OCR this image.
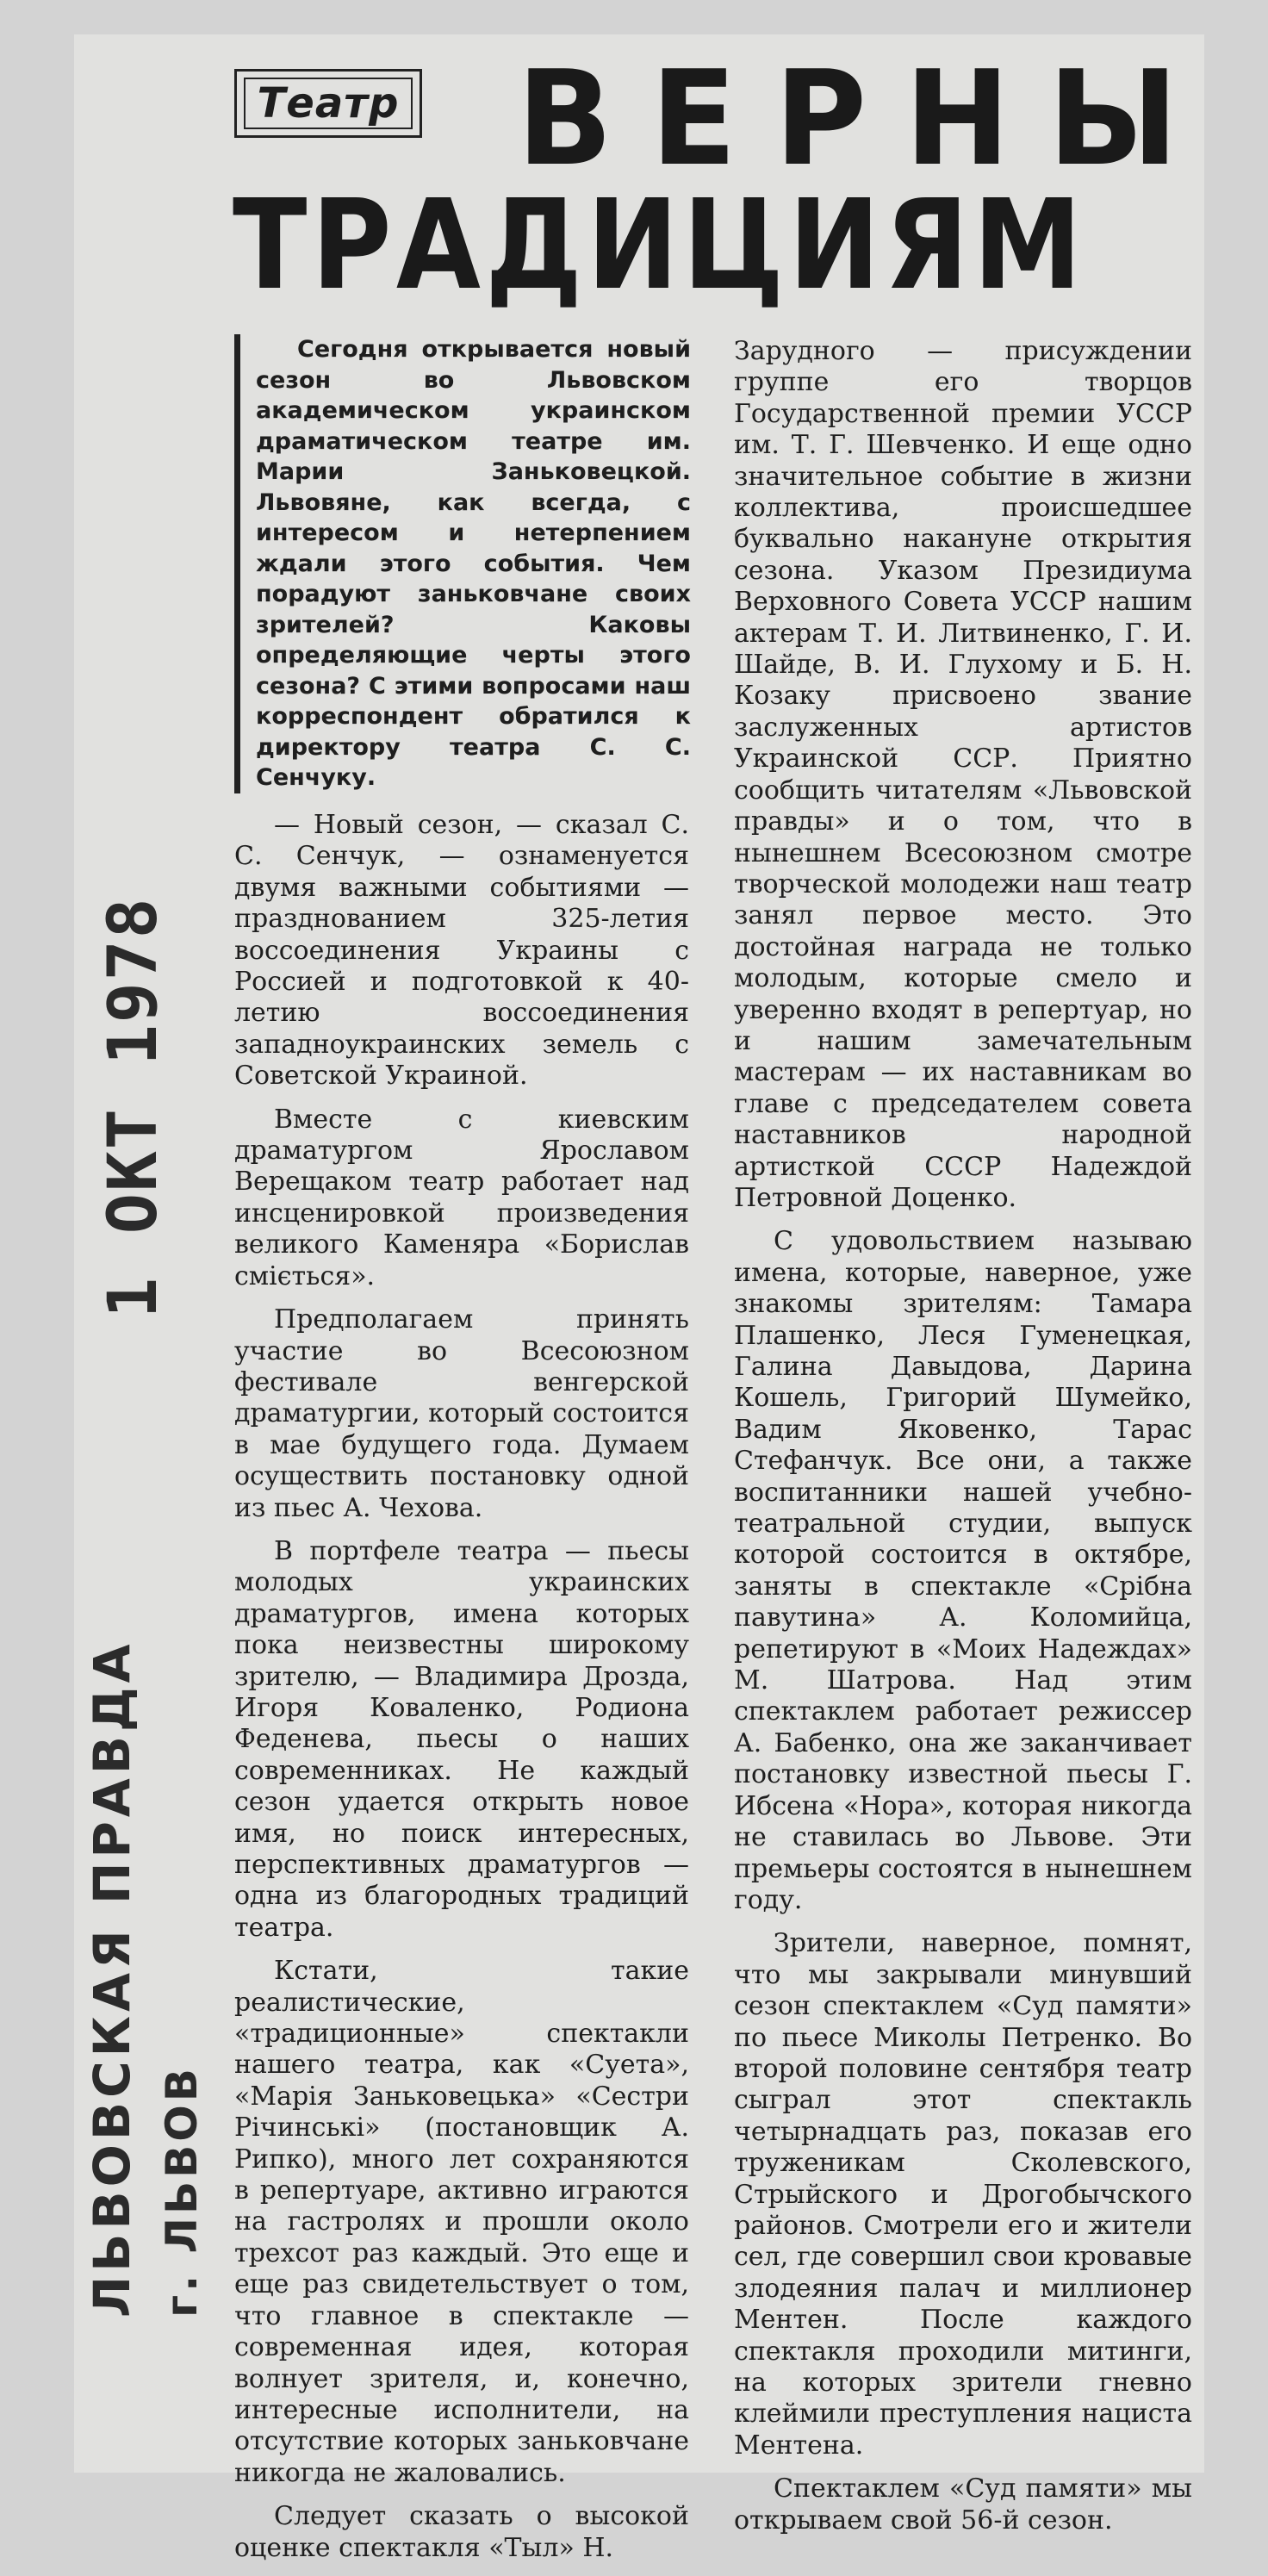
Театр ВЕРНЫ
ТРАДИЦИЯМ

Сегодня открывается новый сезон во Львовском академическом украинском драматическом театре им. Марии Заньковецкой. Львовяне, как всегда, с интересом и нетерпением ждали этого события. Чем порадуют заньковчане своих зрителей? Каковы определяющие черты этого сезона? С этими вопросами наш корреспондент обратился к директору театра С. С. Сенчуку.

— Новый сезон, — сказал С. С. Сенчук, — ознаменуется двумя важными событиями — празднованием 325-летия воссоединения Украины с Россией и подготовкой к 40-летию воссоединения западноукраинских земель с Советской Украиной.

Вместе с киевским драматургом Ярославом Верещаком театр работает над инсценировкой произведения великого Каменяра «Борислав сміється».

Предполагаем принять участие во Всесоюзном фестивале венгерской драматургии, который состоится в мае будущего года. Думаем осуществить постановку одной из пьес А. Чехова.

В портфеле театра — пьесы молодых украинских драматургов, имена которых пока неизвестны широкому зрителю, — Владимира Дрозда, Игоря Коваленко, Родиона Феденева, пьесы о наших современниках. Не каждый сезон удается открыть новое имя, но поиск интересных, перспективных драматургов — одна из благородных традиций театра.

Кстати, такие реалистические, «традиционные» спектакли нашего театра, как «Суета», «Марія Заньковецька» «Сестри Річинські» (постановщик А. Рипко), много лет сохраняются в репертуаре, активно играются на гастролях и прошли около трехсот раз каждый. Это еще и еще раз свидетельствует о том, что главное в спектакле — современная идея, которая волнует зрителя, и, конечно, интересные исполнители, на отсутствие которых заньковчане никогда не жаловались.

Следует сказать о высокой оценке спектакля «Тыл» Н.

Зарудного — присуждении группе его творцов Государственной премии УССР им. Т. Г. Шевченко. И еще одно значительное событие в жизни коллектива, происшедшее буквально накануне открытия сезона. Указом Президиума Верховного Совета УССР нашим актерам Т. И. Литвиненко, Г. И. Шайде, В. И. Глухому и Б. Н. Козаку присвоено звание заслуженных артистов Украинской ССР. Приятно сообщить читателям «Львовской правды» и о том, что в нынешнем Всесоюзном смотре творческой молодежи наш театр занял первое место. Это достойная награда не только молодым, которые смело и уверенно входят в репертуар, но и нашим замечательным мастерам — их наставникам во главе с председателем совета наставников народной артисткой СССР Надеждой Петровной Доценко.

С удовольствием называю имена, которые, наверное, уже знакомы зрителям: Тамара Плашенко, Леся Гуменецкая, Галина Давыдова, Дарина Кошель, Григорий Шумейко, Вадим Яковенко, Тарас Стефанчук. Все они, а также воспитанники нашей учебно-театральной студии, выпуск которой состоится в октябре, заняты в спектакле «Срібна павутина» А. Коломийца, репетируют в «Моих Надеждах» М. Шатрова. Над этим спектаклем работает режиссер А. Бабенко, она же заканчивает постановку известной пьесы Г. Ибсена «Нора», которая никогда не ставилась во Львове. Эти премьеры состоятся в нынешнем году.

Зрители, наверное, помнят, что мы закрывали минувший сезон спектаклем «Суд памяти» по пьесе Миколы Петренко. Во второй половине сентября театр сыграл этот спектакль четырнадцать раз, показав его труженикам Сколевского, Стрыйского и Дрогобычского районов. Смотрели его и жители сел, где совершил свои кровавые злодеяния палач и миллионер Ментен. После каждого спектакля проходили митинги, на которых зрители гневно клеймили преступления нациста Ментена.

Спектаклем «Суд памяти» мы открываем свой 56-й сезон.

1 ОКТ 1978
ЛЬВОВСКАЯ ПРАВДА г. ЛЬВОВ
